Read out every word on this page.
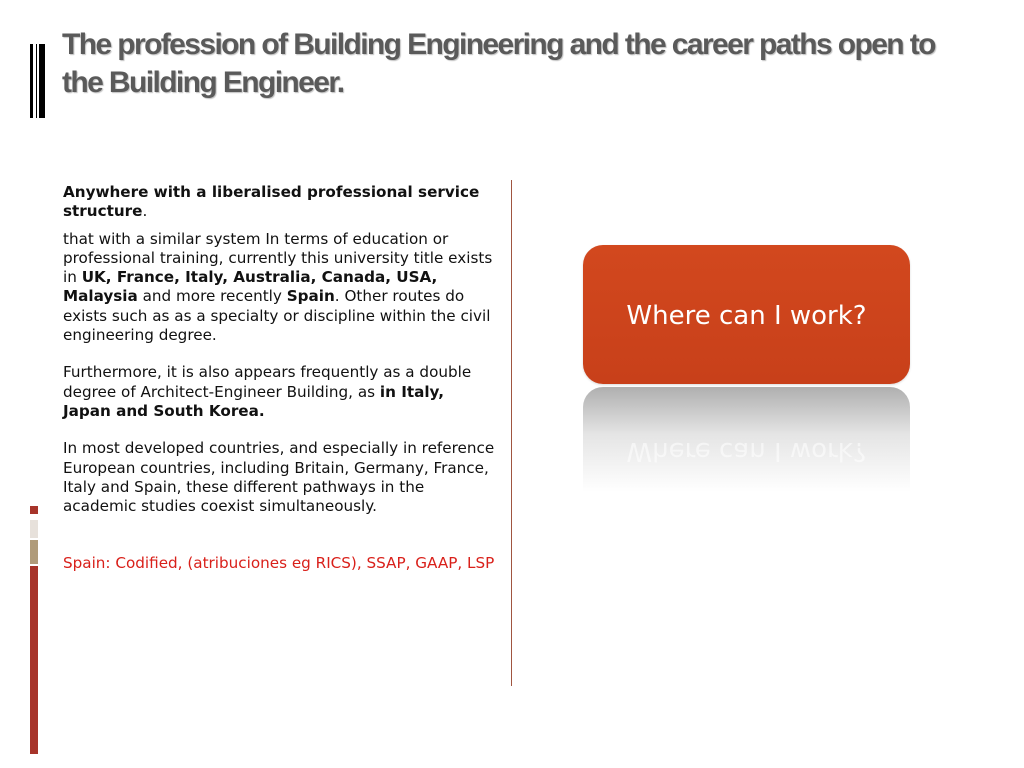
The profession of Building Engineering and the career paths open to the Building Engineer.

Anywhere with a liberalised professional service structure.

that with a similar system In terms of education or professional training, currently this university title exists in UK, France, Italy, Australia, Canada, USA, Malaysia and more recently Spain. Other routes do exists such as as a specialty or discipline within the civil engineering degree.

Furthermore, it is also appears frequently as a double degree of Architect-Engineer Building, as in Italy, Japan and South Korea.

In most developed countries, and especially in reference European countries, including Britain, Germany, France, Italy and Spain, these different pathways in the academic studies coexist simultaneously.

Spain: Codified, (atribuciones eg RICS), SSAP, GAAP, LSP

Where can I work?
Where can I work?
